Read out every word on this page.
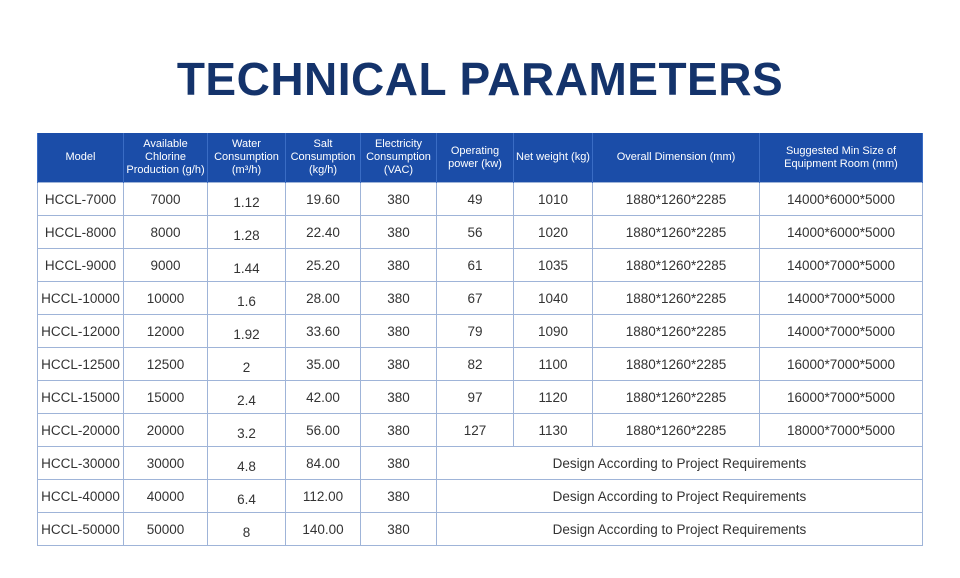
TECHNICAL PARAMETERS
Model	Available Chlorine Production (g/h)	Water Consumption (m³/h)	Salt Consumption (kg/h)	Electricity Consumption (VAC)	Operating power (kw)	Net weight (kg)	Overall Dimension (mm)	Suggested Min Size of Equipment Room (mm)
HCCL-7000	7000	1.12	19.60	380	49	1010	1880*1260*2285	14000*6000*5000
HCCL-8000	8000	1.28	22.40	380	56	1020	1880*1260*2285	14000*6000*5000
HCCL-9000	9000	1.44	25.20	380	61	1035	1880*1260*2285	14000*7000*5000
HCCL-10000	10000	1.6	28.00	380	67	1040	1880*1260*2285	14000*7000*5000
HCCL-12000	12000	1.92	33.60	380	79	1090	1880*1260*2285	14000*7000*5000
HCCL-12500	12500	2	35.00	380	82	1100	1880*1260*2285	16000*7000*5000
HCCL-15000	15000	2.4	42.00	380	97	1120	1880*1260*2285	16000*7000*5000
HCCL-20000	20000	3.2	56.00	380	127	1130	1880*1260*2285	18000*7000*5000
HCCL-30000	30000	4.8	84.00	380	Design According to Project Requirements			
HCCL-40000	40000	6.4	112.00	380	Design According to Project Requirements			
HCCL-50000	50000	8	140.00	380	Design According to Project Requirements			
